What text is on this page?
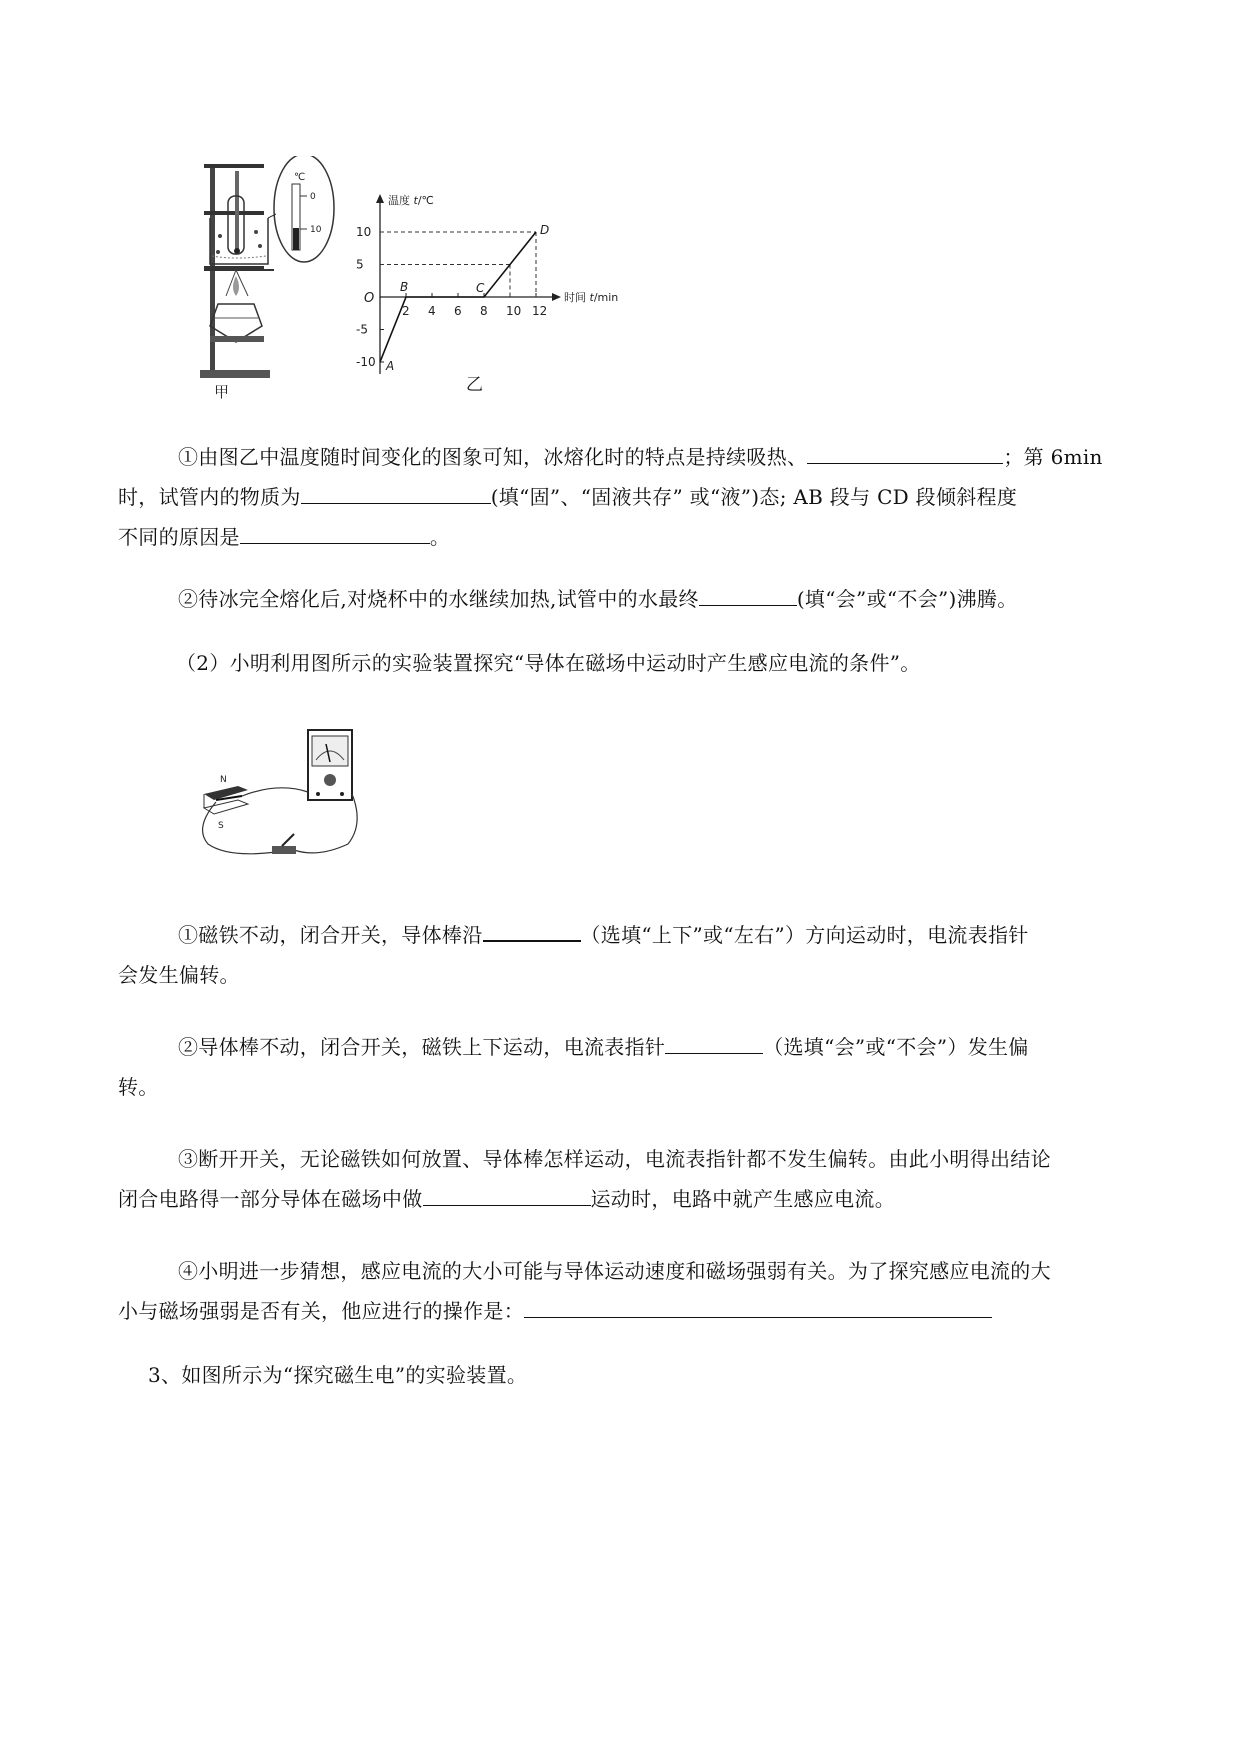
甲
℃
0
10
2 4 6 8 10 12
10
5
-5
-10
O
温度 t/℃
时间 t/min
A
B	C
D
乙
①由图乙中温度随时间变化的图象可知，冰熔化时的特点是持续吸热、	；第 6min
时，试管内的物质为	(填“固”、“固液共存” 或“液”)态; AB 段与 CD 段倾斜程度
不同的原因是	。
②待冰完全熔化后,对烧杯中的水继续加热,试管中的水最终	(填“会”或“不会”)沸腾。
（2）小明利用图所示的实验装置探究“导体在磁场中运动时产生感应电流的条件”。
N
S
①磁铁不动，闭合开关，导体棒沿	（选填“上下”或“左右”）方向运动时，电流表指针
会发生偏转。
②导体棒不动，闭合开关，磁铁上下运动，电流表指针	（选填“会”或“不会”）发生偏
转。
③断开开关，无论磁铁如何放置、导体棒怎样运动，电流表指针都不发生偏转。由此小明得出结论
闭合电路得一部分导体在磁场中做	运动时，电路中就产生感应电流。
④小明进一步猜想，感应电流的大小可能与导体运动速度和磁场强弱有关。为了探究感应电流的大
小与磁场强弱是否有关，他应进行的操作是：
3、如图所示为“探究磁生电”的实验装置。
